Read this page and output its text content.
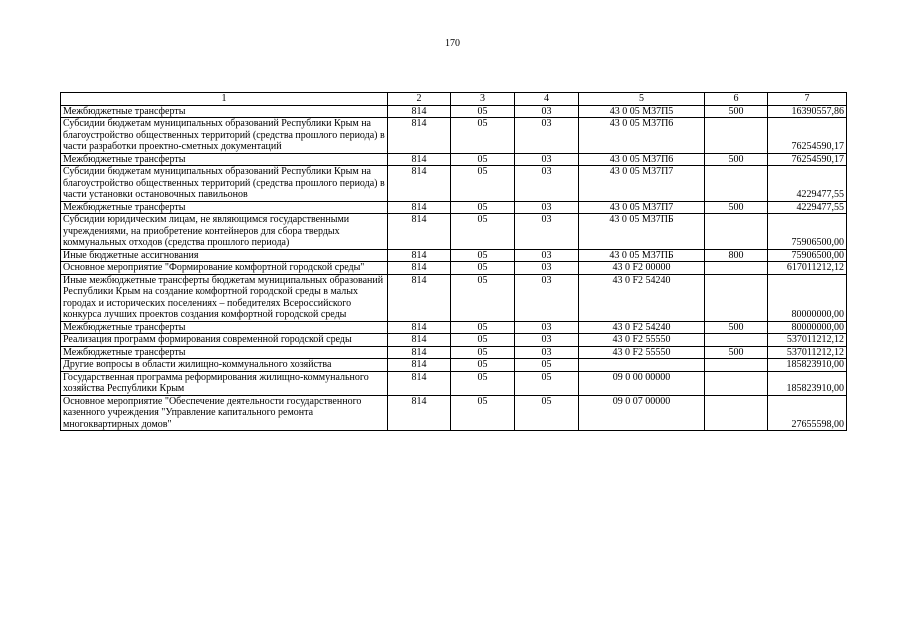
170
1	2	3	4	5	6	7
Межбюджетные трансферты	814	05	03	43 0 05 М37П5	500	16390557,86
Субсидии бюджетам муниципальных образований Республики Крым на благоустройство общественных территорий (средства прошлого периода) в части разработки проектно-сметных документаций	814	05	03	43 0 05 М37П6		76254590,17
Межбюджетные трансферты	814	05	03	43 0 05 М37П6	500	76254590,17
Субсидии бюджетам муниципальных образований Республики Крым на благоустройство общественных территорий (средства прошлого периода) в части установки остановочных павильонов	814	05	03	43 0 05 М37П7		4229477,55
Межбюджетные трансферты	814	05	03	43 0 05 М37П7	500	4229477,55
Субсидии юридическим лицам, не являющимся государственными учреждениями, на приобретение контейнеров для сбора твердых коммунальных отходов (средства прошлого периода)	814	05	03	43 0 05 М37ПБ		75906500,00
Иные бюджетные ассигнования	814	05	03	43 0 05 М37ПБ	800	75906500,00
Основное мероприятие "Формирование комфортной городской среды"	814	05	03	43 0 F2 00000		617011212,12
Иные межбюджетные трансферты бюджетам муниципальных образований Республики Крым на создание комфортной городской среды в малых городах и исторических поселениях – победителях Всероссийского конкурса лучших проектов создания комфортной городской среды	814	05	03	43 0 F2 54240		80000000,00
Межбюджетные трансферты	814	05	03	43 0 F2 54240	500	80000000,00
Реализация программ формирования современной городской среды	814	05	03	43 0 F2 55550		537011212,12
Межбюджетные трансферты	814	05	03	43 0 F2 55550	500	537011212,12
Другие вопросы в области жилищно-коммунального хозяйства	814	05	05			185823910,00
Государственная программа реформирования жилищно-коммунального хозяйства Республики Крым	814	05	05	09 0 00 00000		185823910,00
Основное мероприятие "Обеспечение деятельности государственного казенного учреждения "Управление капитального ремонта многоквартирных домов"	814	05	05	09 0 07 00000		27655598,00
